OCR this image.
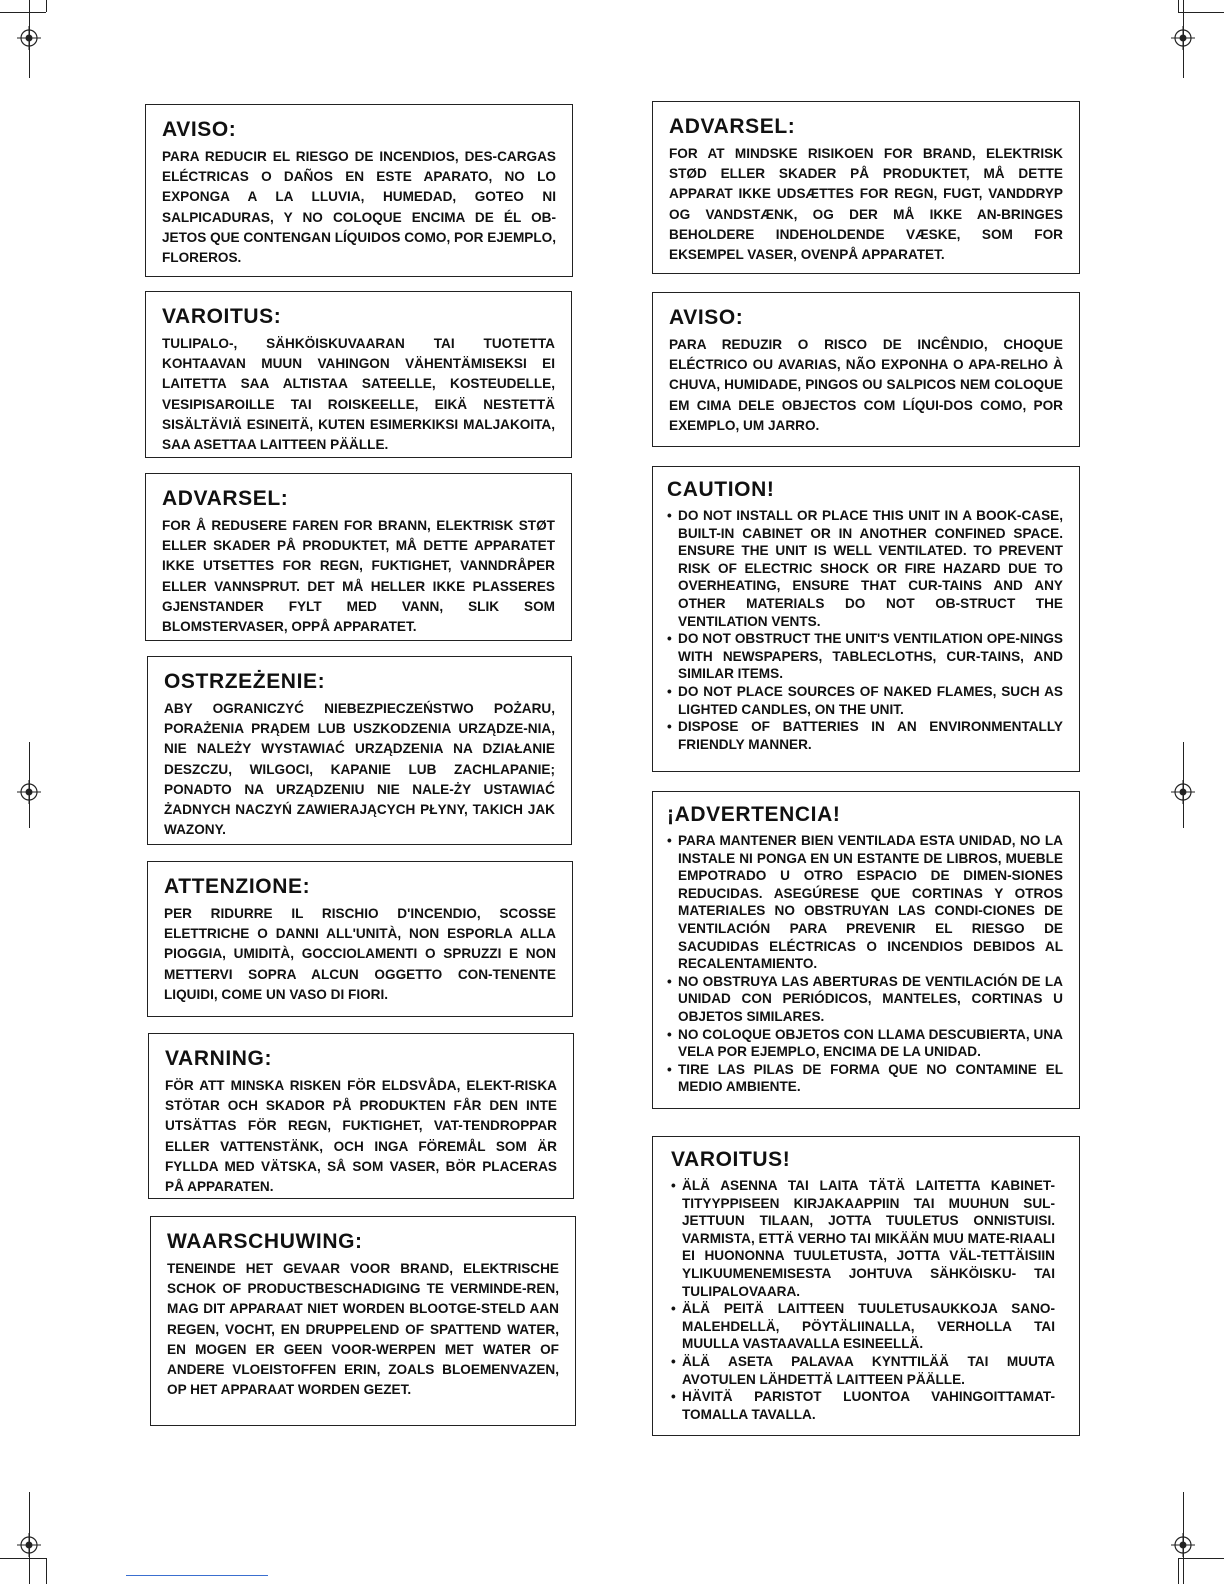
AVISO:

PARA REDUCIR EL RIESGO DE INCENDIOS, DES-CARGAS ELÉCTRICAS O DAÑOS EN ESTE APARATO, NO LO EXPONGA A LA LLUVIA, HUMEDAD, GOTEO NI SALPICADURAS, Y NO COLOQUE ENCIMA DE ÉL OB-JETOS QUE CONTENGAN LÍQUIDOS COMO, POR EJEMPLO, FLOREROS.

VAROITUS:

TULIPALO-, SÄHKÖISKUVAARAN TAI TUOTETTA KOHTAAVAN MUUN VAHINGON VÄHENTÄMISEKSI EI LAITETTA SAA ALTISTAA SATEELLE, KOSTEUDELLE, VESIPISAROILLE TAI ROISKEELLE, EIKÄ NESTETTÄ SISÄLTÄVIÄ ESINEITÄ, KUTEN ESIMERKIKSI MALJAKOITA, SAA ASETTAA LAITTEEN PÄÄLLE.

ADVARSEL:

FOR Å REDUSERE FAREN FOR BRANN, ELEKTRISK STØT ELLER SKADER PÅ PRODUKTET, MÅ DETTE APPARATET IKKE UTSETTES FOR REGN, FUKTIGHET, VANNDRÅPER ELLER VANNSPRUT. DET MÅ HELLER IKKE PLASSERES GJENSTANDER FYLT MED VANN, SLIK SOM BLOMSTERVASER, OPPÅ APPARATET.

OSTRZEŻENIE:

ABY OGRANICZYĆ NIEBEZPIECZEŃSTWO POŻARU, PORAŻENIA PRĄDEM LUB USZKODZENIA URZĄDZE-NIA, NIE NALEŻY WYSTAWIAĆ URZĄDZENIA NA DZIAŁANIE DESZCZU, WILGOCI, KAPANIE LUB ZACHLAPANIE; PONADTO NA URZĄDZENIU NIE NALE-ŻY USTAWIAĆ ŻADNYCH NACZYŃ ZAWIERAJĄCYCH PŁYNY, TAKICH JAK WAZONY.

ATTENZIONE:

PER RIDURRE IL RISCHIO D'INCENDIO, SCOSSE ELETTRICHE O DANNI ALL'UNITÀ, NON ESPORLA ALLA PIOGGIA, UMIDITÀ, GOCCIOLAMENTI O SPRUZZI E NON METTERVI SOPRA ALCUN OGGETTO CON-TENENTE LIQUIDI, COME UN VASO DI FIORI.

VARNING:

FÖR ATT MINSKA RISKEN FÖR ELDSVÅDA, ELEKT-RISKA STÖTAR OCH SKADOR PÅ PRODUKTEN FÅR DEN INTE UTSÄTTAS FÖR REGN, FUKTIGHET, VAT-TENDROPPAR ELLER VATTENSTÄNK, OCH INGA FÖREMÅL SOM ÄR FYLLDA MED VÄTSKA, SÅ SOM VASER, BÖR PLACERAS PÅ APPARATEN.

WAARSCHUWING:

TENEINDE HET GEVAAR VOOR BRAND, ELEKTRISCHE SCHOK OF PRODUCTBESCHADIGING TE VERMINDE-REN, MAG DIT APPARAAT NIET WORDEN BLOOTGE-STELD AAN REGEN, VOCHT, EN DRUPPELEND OF SPATTEND WATER, EN MOGEN ER GEEN VOOR-WERPEN MET WATER OF ANDERE VLOEISTOFFEN ERIN, ZOALS BLOEMENVAZEN, OP HET APPARAAT WORDEN GEZET.

ADVARSEL:

FOR AT MINDSKE RISIKOEN FOR BRAND, ELEKTRISK STØD ELLER SKADER PÅ PRODUKTET, MÅ DETTE APPARAT IKKE UDSÆTTES FOR REGN, FUGT, VANDDRYP OG VANDSTÆNK, OG DER MÅ IKKE AN-BRINGES BEHOLDERE INDEHOLDENDE VÆSKE, SOM FOR EKSEMPEL VASER, OVENPÅ APPARATET.

AVISO:

PARA REDUZIR O RISCO DE INCÊNDIO, CHOQUE ELÉCTRICO OU AVARIAS, NÃO EXPONHA O APA-RELHO À CHUVA, HUMIDADE, PINGOS OU SALPICOS NEM COLOQUE EM CIMA DELE OBJECTOS COM LÍQUI-DOS COMO, POR EXEMPLO, UM JARRO.

CAUTION!
• DO NOT INSTALL OR PLACE THIS UNIT IN A BOOK-CASE, BUILT-IN CABINET OR IN ANOTHER CONFINED SPACE. ENSURE THE UNIT IS WELL VENTILATED. TO PREVENT RISK OF ELECTRIC SHOCK OR FIRE HAZARD DUE TO OVERHEATING, ENSURE THAT CUR-TAINS AND ANY OTHER MATERIALS DO NOT OB-STRUCT THE VENTILATION VENTS.
• DO NOT OBSTRUCT THE UNIT'S VENTILATION OPE-NINGS WITH NEWSPAPERS, TABLECLOTHS, CUR-TAINS, AND SIMILAR ITEMS.
• DO NOT PLACE SOURCES OF NAKED FLAMES, SUCH AS LIGHTED CANDLES, ON THE UNIT.
• DISPOSE OF BATTERIES IN AN ENVIRONMENTALLY FRIENDLY MANNER.
¡ADVERTENCIA!
• PARA MANTENER BIEN VENTILADA ESTA UNIDAD, NO LA INSTALE NI PONGA EN UN ESTANTE DE LIBROS, MUEBLE EMPOTRADO U OTRO ESPACIO DE DIMEN-SIONES REDUCIDAS. ASEGÚRESE QUE CORTINAS Y OTROS MATERIALES NO OBSTRUYAN LAS CONDI-CIONES DE VENTILACIÓN PARA PREVENIR EL RIESGO DE SACUDIDAS ELÉCTRICAS O INCENDIOS DEBIDOS AL RECALENTAMIENTO.
• NO OBSTRUYA LAS ABERTURAS DE VENTILACIÓN DE LA UNIDAD CON PERIÓDICOS, MANTELES, CORTINAS U OBJETOS SIMILARES.
• NO COLOQUE OBJETOS CON LLAMA DESCUBIERTA, UNA VELA POR EJEMPLO, ENCIMA DE LA UNIDAD.
• TIRE LAS PILAS DE FORMA QUE NO CONTAMINE EL MEDIO AMBIENTE.
VAROITUS!
• ÄLÄ ASENNA TAI LAITA TÄTÄ LAITETTA KABINET-TITYYPPISEEN KIRJAKAAPPIIN TAI MUUHUN SUL-JETTUUN TILAAN, JOTTA TUULETUS ONNISTUISI. VARMISTA, ETTÄ VERHO TAI MIKÄÄN MUU MATE-RIAALI EI HUONONNA TUULETUSTA, JOTTA VÄL-TETTÄISIIN YLIKUUMENEMISESTA JOHTUVA SÄHKÖISKU- TAI TULIPALOVAARA.
• ÄLÄ PEITÄ LAITTEEN TUULETUSAUKKOJA SANO-MALEHDELLÄ, PÖYTÄLIINALLA, VERHOLLA TAI MUULLA VASTAAVALLA ESINEELLÄ.
• ÄLÄ ASETA PALAVAA KYNTTILÄÄ TAI MUUTA AVOTULEN LÄHDETTÄ LAITTEEN PÄÄLLE.
• HÄVITÄ PARISTOT LUONTOA VAHINGOITTAMAT-TOMALLA TAVALLA.
